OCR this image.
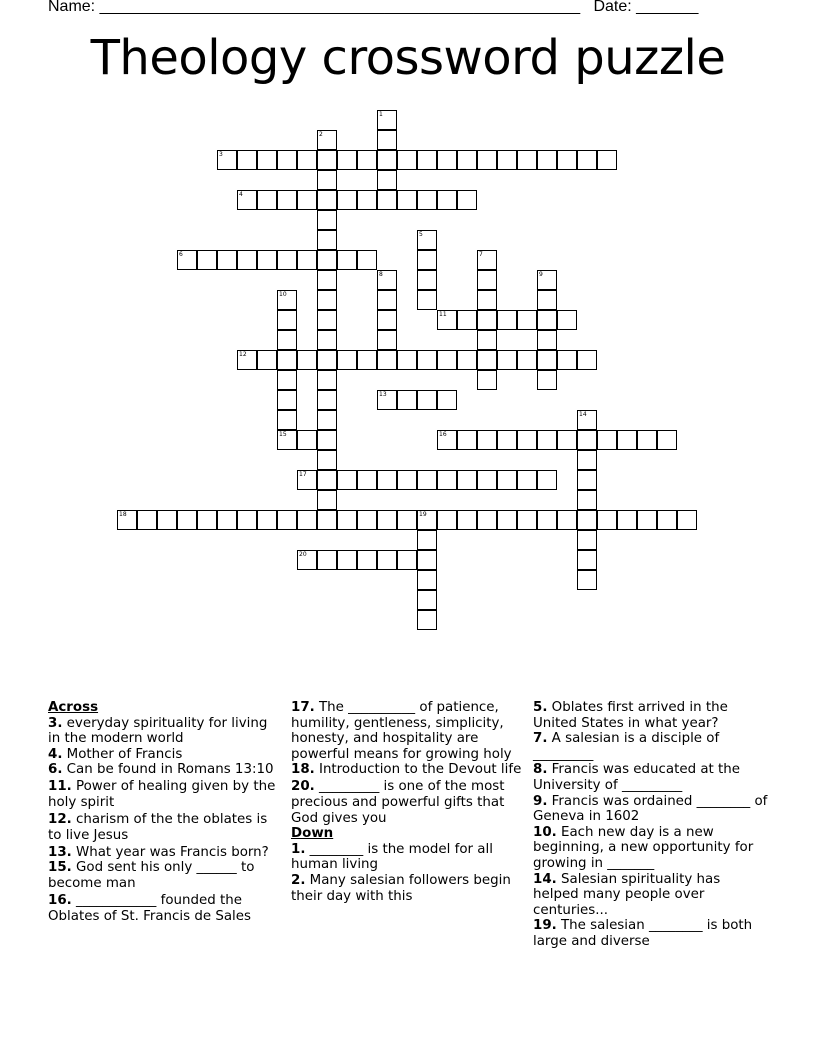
Name: ______________________________________________________ Date: _______
Theology crossword puzzle
1
2
3
4
5
6	7
8	9
10
15
11
12
13
14
16
17
18	19
20
Across
3. everyday spirituality for living in the modern world
4. Mother of Francis
6. Can be found in Romans 13:10
11. Power of healing given by the holy spirit
12. charism of the the oblates is to live Jesus
13. What year was Francis born?
15. God sent his only ______ to become man
16. ____________ founded the Oblates of St. Francis de Sales
17. The __________ of patience, humility, gentleness, simplicity, honesty, and hospitality are powerful means for growing holy
18. Introduction to the Devout life
20. _________ is one of the most precious and powerful gifts that God gives you
Down
1. ________ is the model for all human living
2. Many salesian followers begin their day with this
5. Oblates first arrived in the United States in what year?
7. A salesian is a disciple of _________
8. Francis was educated at the University of _________
9. Francis was ordained ________ of Geneva in 1602
10. Each new day is a new beginning, a new opportunity for growing in _______
14. Salesian spirituality has helped many people over centuries...
19. The salesian ________ is both large and diverse
